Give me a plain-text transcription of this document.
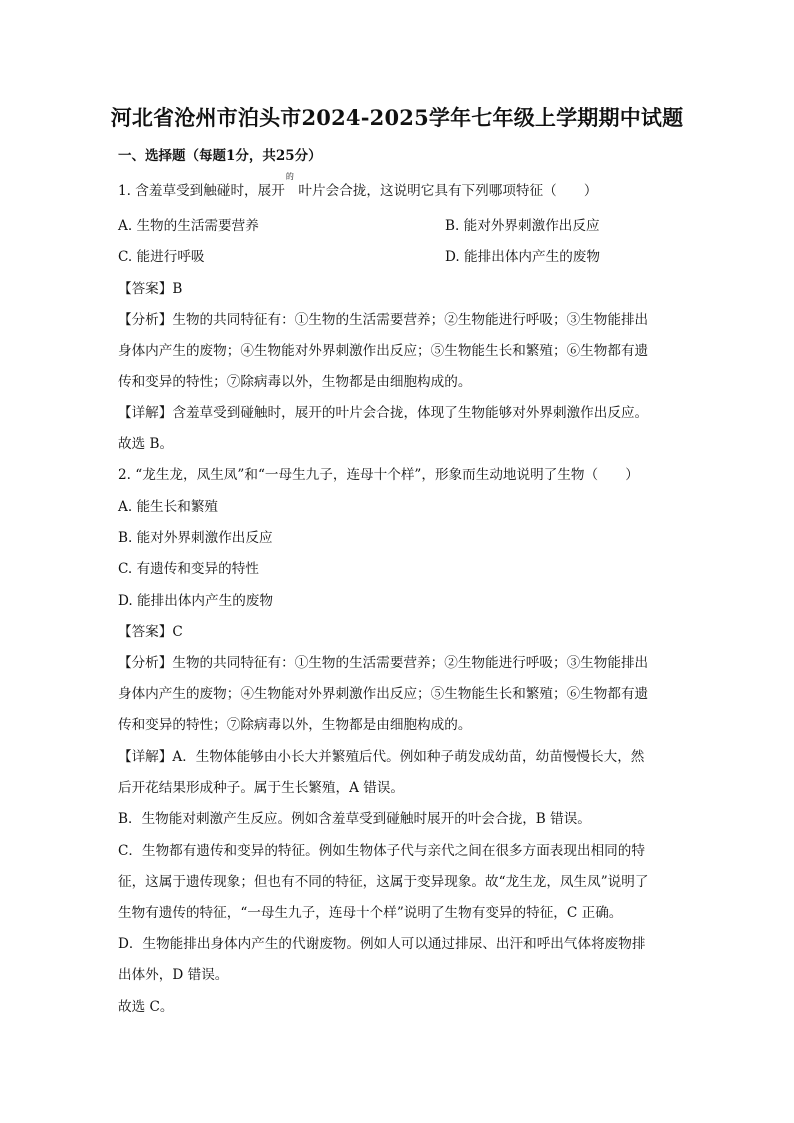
河北省沧州市泊头市2024-2025学年七年级上学期期中试题
一、选择题（每题1分，共25分）
1. 含羞草受到触碰时，展开
的
叶片会合拢，这说明它具有下列哪项特征（　　）
A. 生物的生活需要营养	B. 能对外界刺激作出反应
C. 能进行呼吸	D. 能排出体内产生的废物
【答案】B
【分析】生物的共同特征有：①生物的生活需要营养；②生物能进行呼吸；③生物能排出
身体内产生的废物；④生物能对外界刺激作出反应；⑤生物能生长和繁殖；⑥生物都有遗
传和变异的特性；⑦除病毒以外，生物都是由细胞构成的。
【详解】含羞草受到碰触时，展开的叶片会合拢，体现了生物能够对外界刺激作出反应。
故选 B。
2. “龙生龙，凤生凤”和“一母生九子，连母十个样”，形象而生动地说明了生物（　　）
A. 能生长和繁殖
B. 能对外界刺激作出反应
C. 有遗传和变异的特性
D. 能排出体内产生的废物
【答案】C
【分析】生物的共同特征有：①生物的生活需要营养；②生物能进行呼吸；③生物能排出
身体内产生的废物；④生物能对外界刺激作出反应；⑤生物能生长和繁殖；⑥生物都有遗
传和变异的特性；⑦除病毒以外，生物都是由细胞构成的。
【详解】A．生物体能够由小长大并繁殖后代。例如种子萌发成幼苗，幼苗慢慢长大，然
后开花结果形成种子。属于生长繁殖，A 错误。
B．生物能对刺激产生反应。例如含羞草受到碰触时展开的叶会合拢，B 错误。
C．生物都有遗传和变异的特征。例如生物体子代与亲代之间在很多方面表现出相同的特
征，这属于遗传现象；但也有不同的特征，这属于变异现象。故“龙生龙，凤生凤”说明了
生物有遗传的特征，“一母生九子，连母十个样”说明了生物有变异的特征，C 正确。
D．生物能排出身体内产生的代谢废物。例如人可以通过排尿、出汗和呼出气体将废物排
出体外，D 错误。
故选 C。
